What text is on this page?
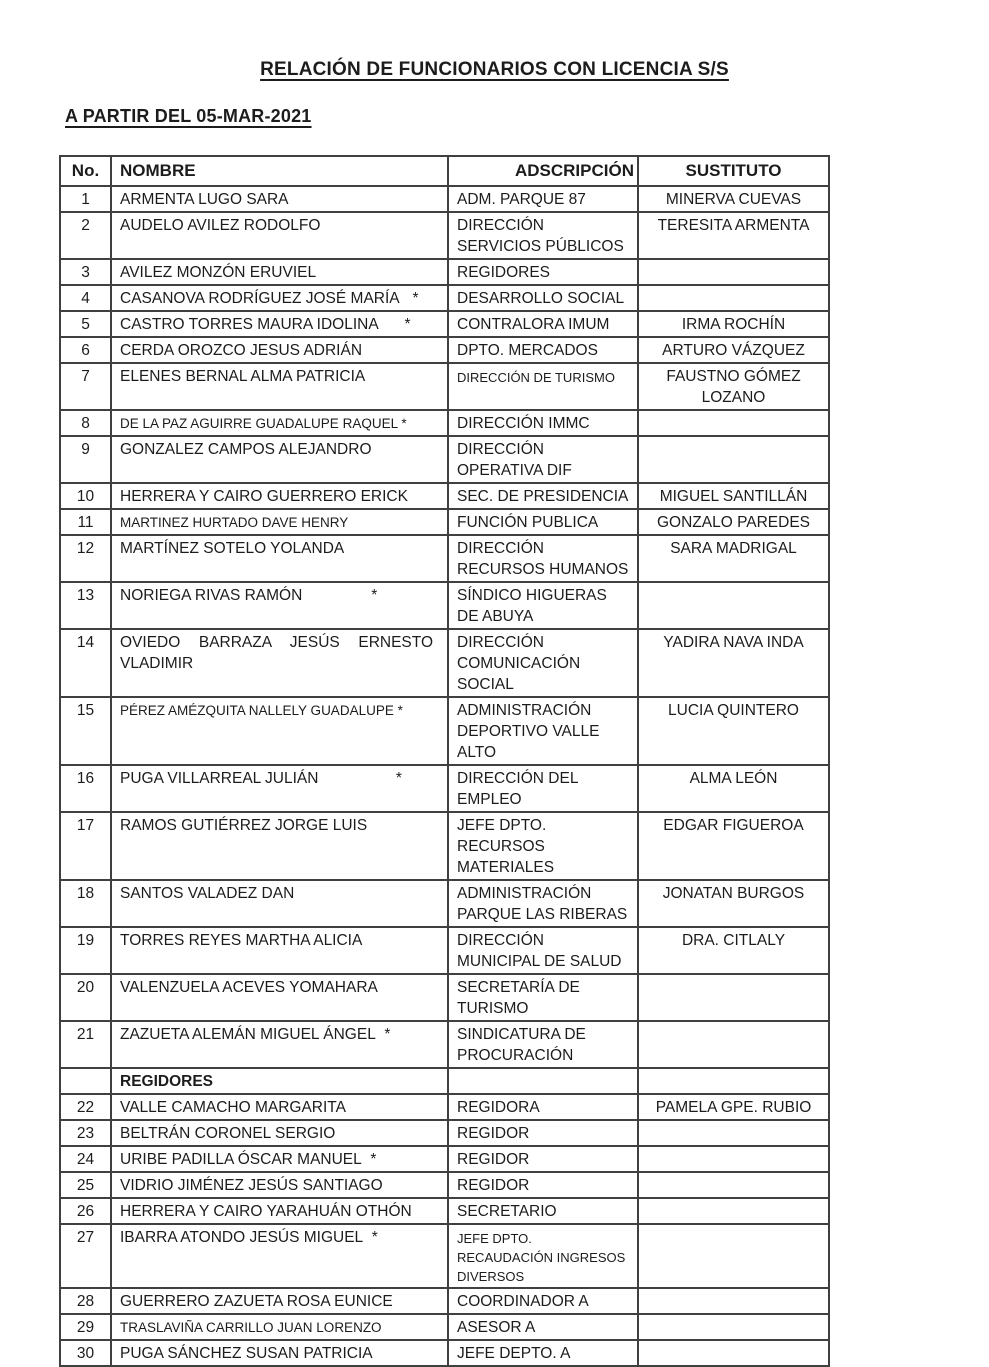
RELACIÓN DE FUNCIONARIOS CON LICENCIA S/S
A PARTIR DEL 05-MAR-2021
No.	NOMBRE	ADSCRIPCIÓN	SUSTITUTO
1	ARMENTA LUGO SARA	ADM. PARQUE 87	MINERVA CUEVAS
2	AUDELO AVILEZ RODOLFO	DIRECCIÓN SERVICIOS PÚBLICOS	TERESITA ARMENTA
3	AVILEZ MONZÓN ERUVIEL	REGIDORES	
4	CASANOVA RODRÍGUEZ JOSÉ MARÍA   *	DESARROLLO SOCIAL	
5	CASTRO TORRES MAURA IDOLINA      *	CONTRALORA IMUM	IRMA ROCHÍN
6	CERDA OROZCO JESUS ADRIÁN	DPTO. MERCADOS	ARTURO VÁZQUEZ
7	ELENES BERNAL ALMA PATRICIA	DIRECCIÓN DE TURISMO	FAUSTNO GÓMEZ LOZANO
8	DE LA PAZ AGUIRRE GUADALUPE RAQUEL *	DIRECCIÓN IMMC	
9	GONZALEZ CAMPOS ALEJANDRO	DIRECCIÓN OPERATIVA DIF	
10	HERRERA Y CAIRO GUERRERO ERICK	SEC. DE PRESIDENCIA	MIGUEL SANTILLÁN
11	MARTINEZ HURTADO DAVE HENRY	FUNCIÓN PUBLICA	GONZALO PAREDES
12	MARTÍNEZ SOTELO YOLANDA	DIRECCIÓN RECURSOS HUMANOS	SARA MADRIGAL
13	NORIEGA RIVAS RAMÓN                *	SÍNDICO HIGUERAS DE ABUYA	
14	OVIEDO BARRAZA JESÚS ERNESTO VLADIMIR	DIRECCIÓN COMUNICACIÓN SOCIAL	YADIRA NAVA INDA
15	PÉREZ AMÉZQUITA NALLELY GUADALUPE *	ADMINISTRACIÓN DEPORTIVO VALLE ALTO	LUCIA QUINTERO
16	PUGA VILLARREAL JULIÁN                  *	DIRECCIÓN DEL EMPLEO	ALMA LEÓN
17	RAMOS GUTIÉRREZ JORGE LUIS	JEFE DPTO. RECURSOS MATERIALES	EDGAR FIGUEROA
18	SANTOS VALADEZ DAN	ADMINISTRACIÓN PARQUE LAS RIBERAS	JONATAN BURGOS
19	TORRES REYES MARTHA ALICIA	DIRECCIÓN MUNICIPAL DE SALUD	DRA. CITLALY
20	VALENZUELA ACEVES YOMAHARA	SECRETARÍA DE TURISMO	
21	ZAZUETA ALEMÁN MIGUEL ÁNGEL  *	SINDICATURA DE PROCURACIÓN	
	REGIDORES		
22	VALLE CAMACHO MARGARITA	REGIDORA	PAMELA GPE. RUBIO
23	BELTRÁN CORONEL SERGIO	REGIDOR	
24	URIBE PADILLA ÓSCAR MANUEL  *	REGIDOR	
25	VIDRIO JIMÉNEZ JESÚS SANTIAGO	REGIDOR	
26	HERRERA Y CAIRO YARAHUÁN OTHÓN	SECRETARIO	
27	IBARRA ATONDO JESÚS MIGUEL  *	JEFE DPTO. RECAUDACIÓN INGRESOS DIVERSOS	
28	GUERRERO ZAZUETA ROSA EUNICE	COORDINADOR A	
29	TRASLAVIÑA CARRILLO JUAN LORENZO	ASESOR A	
30	PUGA SÁNCHEZ SUSAN PATRICIA	JEFE DEPTO. A	
